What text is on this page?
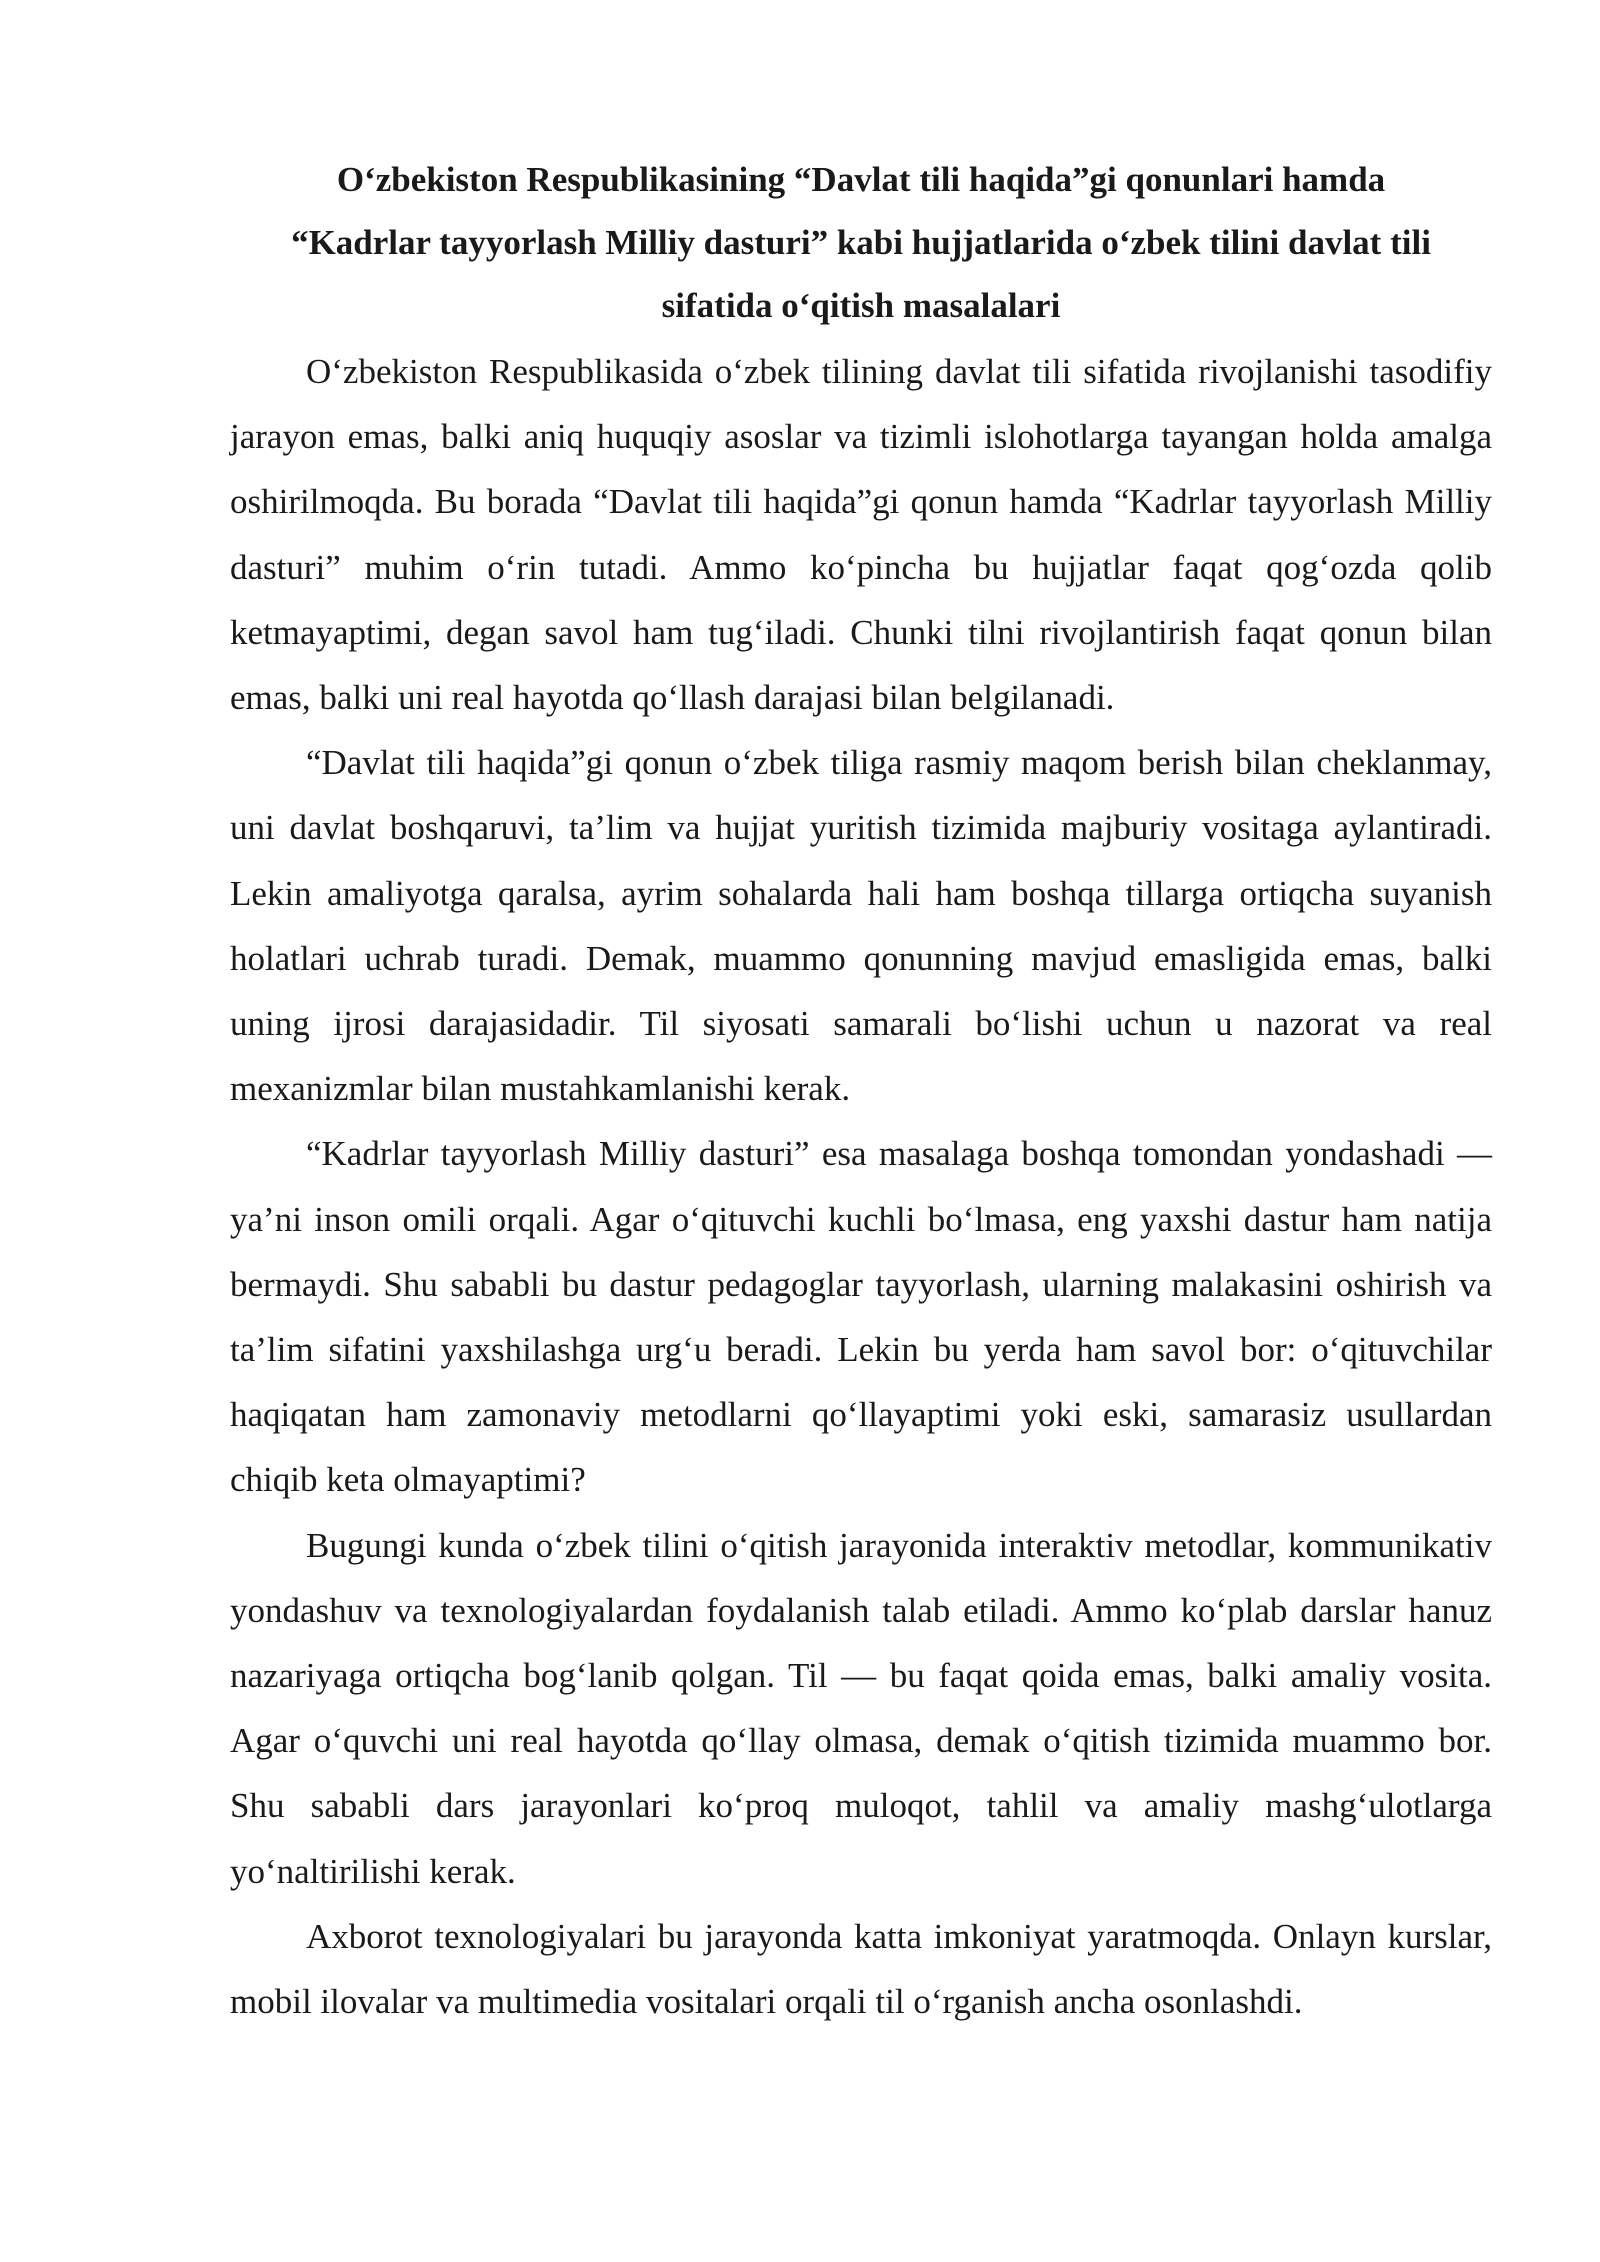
O‘zbekiston Respublikasining “Davlat tili haqida”gi qonunlari hamda
“Kadrlar tayyorlash Milliy dasturi” kabi hujjatlarida o‘zbek tilini davlat tili
sifatida o‘qitish masalalari

O‘zbekiston Respublikasida o‘zbek tilining davlat tili sifatida rivojlanishi tasodifiy jarayon emas, balki aniq huquqiy asoslar va tizimli islohotlarga tayangan holda amalga oshirilmoqda. Bu borada “Davlat tili haqida”gi qonun hamda “Kadrlar tayyorlash Milliy dasturi” muhim o‘rin tutadi. Ammo ko‘pincha bu hujjatlar faqat qog‘ozda qolib ketmayaptimi, degan savol ham tug‘iladi. Chunki tilni rivojlantirish faqat qonun bilan emas, balki uni real hayotda qo‘llash darajasi bilan belgilanadi.

“Davlat tili haqida”gi qonun o‘zbek tiliga rasmiy maqom berish bilan cheklanmay, uni davlat boshqaruvi, ta’lim va hujjat yuritish tizimida majburiy vositaga aylantiradi. Lekin amaliyotga qaralsa, ayrim sohalarda hali ham boshqa tillarga ortiqcha suyanish holatlari uchrab turadi. Demak, muammo qonunning mavjud emasligida emas, balki uning ijrosi darajasidadir. Til siyosati samarali bo‘lishi uchun u nazorat va real mexanizmlar bilan mustahkamlanishi kerak.

“Kadrlar tayyorlash Milliy dasturi” esa masalaga boshqa tomondan yondashadi — ya’ni inson omili orqali. Agar o‘qituvchi kuchli bo‘lmasa, eng yaxshi dastur ham natija bermaydi. Shu sababli bu dastur pedagoglar tayyorlash, ularning malakasini oshirish va ta’lim sifatini yaxshilashga urg‘u beradi. Lekin bu yerda ham savol bor: o‘qituvchilar haqiqatan ham zamonaviy metodlarni qo‘llayaptimi yoki eski, samarasiz usullardan chiqib keta olmayaptimi?

Bugungi kunda o‘zbek tilini o‘qitish jarayonida interaktiv metodlar, kommunikativ yondashuv va texnologiyalardan foydalanish talab etiladi. Ammo ko‘plab darslar hanuz nazariyaga ortiqcha bog‘lanib qolgan. Til — bu faqat qoida emas, balki amaliy vosita. Agar o‘quvchi uni real hayotda qo‘llay olmasa, demak o‘qitish tizimida muammo bor. Shu sababli dars jarayonlari ko‘proq muloqot, tahlil va amaliy mashg‘ulotlarga yo‘naltirilishi kerak.

Axborot texnologiyalari bu jarayonda katta imkoniyat yaratmoqda. Onlayn kurslar, mobil ilovalar va multimedia vositalari orqali til o‘rganish ancha osonlashdi.
